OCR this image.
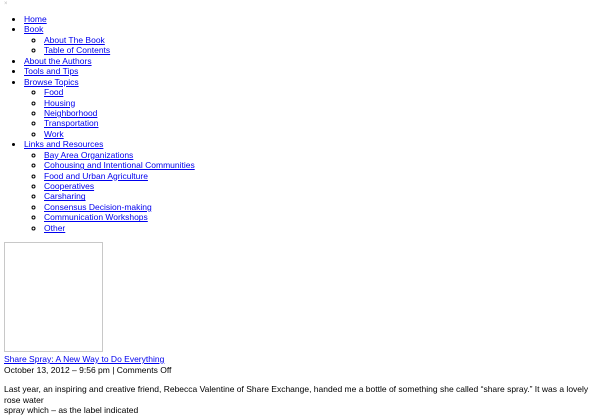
×
• Home
• Book
◦ About The Book
◦ Table of Contents
• About the Authors
• Tools and Tips
• Browse Topics
◦ Food
◦ Housing
◦ Neighborhood
◦ Transportation
◦ Work
• Links and Resources
◦ Bay Area Organizations
◦ Cohousing and Intentional Communities
◦ Food and Urban Agriculture
◦ Cooperatives
◦ Carsharing
◦ Consensus Decision-making
◦ Communication Workshops
◦ Other
Share Spray: A New Way to Do Everything
October 13, 2012 – 9:56 pm | Comments Off
Last year, an inspiring and creative friend, Rebecca Valentine of Share Exchange, handed me a bottle of something she called “share spray.” It was a lovely rose water
spray which – as the label indicated
